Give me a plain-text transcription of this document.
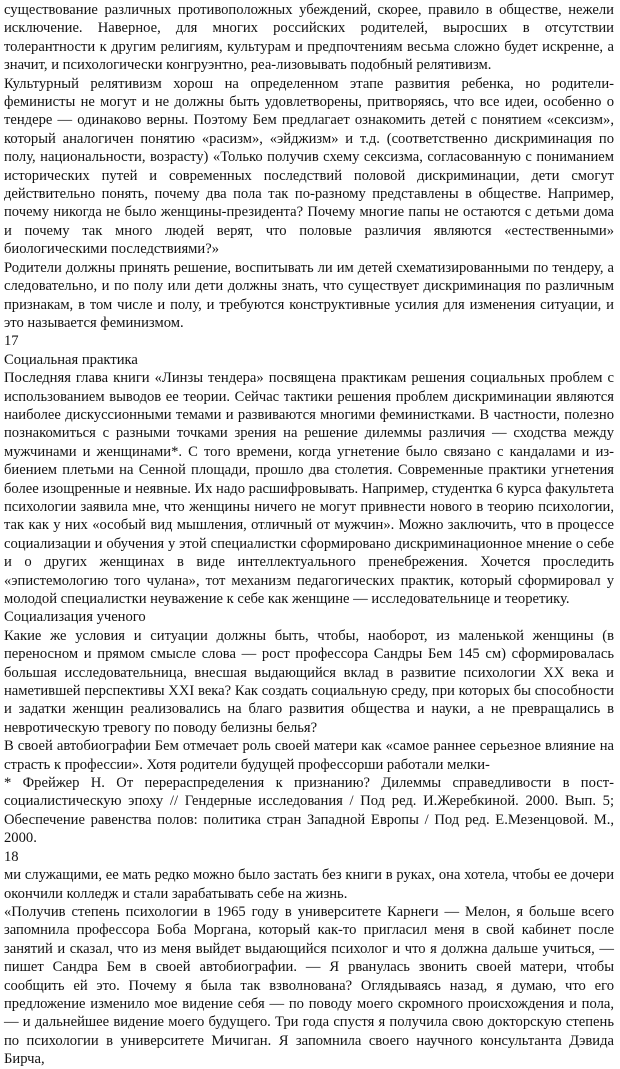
существование различных противоположных убеждений, скорее, правило в обществе, нежели исключение. Наверное, для многих российских родителей, выросших в отсутствии толерантности к другим религиям, культурам и предпочтениям весьма сложно будет искренне, а значит, и психологически конгруэнтно, реа-лизовывать подобный релятивизм.

Культурный релятивизм хорош на определенном этапе развития ребенка, но родители-феминисты не могут и не должны быть удовлетворены, притворяясь, что все идеи, особенно о тендере — одинаково верны. Поэтому Бем предлагает ознакомить детей с понятием «сексизм», который аналогичен понятию «расизм», «эйджизм» и т.д. (соответственно дискриминация по полу, национальности, возрасту) «Только получив схему сексизма, согласованную с пониманием исторических путей и современных последствий половой дискриминации, дети смогут действительно понять, почему два пола так по-разному представлены в обществе. Например, почему никогда не было женщины-президента? Почему многие папы не остаются с детьми дома и почему так много людей верят, что половые различия являются «естественными» биологическими последствиями?»

Родители должны принять решение, воспитывать ли им детей схематизированными по тендеру, а следовательно, и по полу или дети должны знать, что существует дискриминация по различным признакам, в том числе и полу, и требуются конструктивные усилия для изменения ситуации, и это называется феминизмом.

17

Социальная практика

Последняя глава книги «Линзы тендера» посвящена практикам решения социальных проблем с использованием выводов ее теории. Сейчас тактики решения проблем дискриминации являются наиболее дискуссионными темами и развиваются многими феминистками. В частности, полезно познакомиться с разными точками зрения на решение дилеммы различия — сходства между мужчинами и женщинами*. С того времени, когда угнетение было связано с кандалами и из-биением плетьми на Сенной площади, прошло два столетия. Современные практики угнетения более изощренные и неявные. Их надо расшифровывать. Например, студентка 6 курса факультета психологии заявила мне, что женщины ничего не могут привнести нового в теорию психологии, так как у них «особый вид мышления, отличный от мужчин». Можно заключить, что в процессе социализации и обучения у этой специалистки сформировано дискриминационное мнение о себе и о других женщинах в виде интеллектуального пренебрежения. Хочется проследить «эпистемологию того чулана», тот механизм педагогических практик, который сформировал у молодой специалистки неуважение к себе как женщине — исследовательнице и теоретику.

Социализация ученого

Какие же условия и ситуации должны быть, чтобы, наоборот, из маленькой женщины (в переносном и прямом смысле слова — рост профессора Сандры Бем 145 см) сформировалась большая исследовательница, внесшая выдающийся вклад в развитие психологии XX века и наметившей перспективы XXI века? Как создать социальную среду, при которых бы способности и задатки женщин реализовались на благо развития общества и науки, а не превращались в невротическую тревогу по поводу белизны белья?

В своей автобиографии Бем отмечает роль своей матери как «самое раннее серьезное влияние на страсть к профессии». Хотя родители будущей профессорши работали мелки-

* Фрейжер Н. От перераспределения к признанию? Дилеммы справедливости в пост-социалистическую эпоху // Гендерные исследования / Под ред. И.Жеребкиной. 2000. Вып. 5; Обеспечение равенства полов: политика стран Западной Европы / Под ред. Е.Мезенцовой. М., 2000.

18

ми служащими, ее мать редко можно было застать без книги в руках, она хотела, чтобы ее дочери окончили колледж и стали зарабатывать себе на жизнь.

«Получив степень психологии в 1965 году в университете Карнеги — Мелон, я больше всего запомнила профессора Боба Моргана, который как-то пригласил меня в свой кабинет после занятий и сказал, что из меня выйдет выдающийся психолог и что я должна дальше учиться, — пишет Сандра Бем в своей автобиографии. — Я рванулась звонить своей матери, чтобы сообщить ей это. Почему я была так взволнована? Оглядываясь назад, я думаю, что его предложение изменило мое видение себя — по поводу моего скромного происхождения и пола, — и дальнейшее видение моего будущего. Три года спустя я получила свою докторскую степень по психологии в университете Мичиган. Я запомнила своего научного консультанта Дэвида Бирча,
